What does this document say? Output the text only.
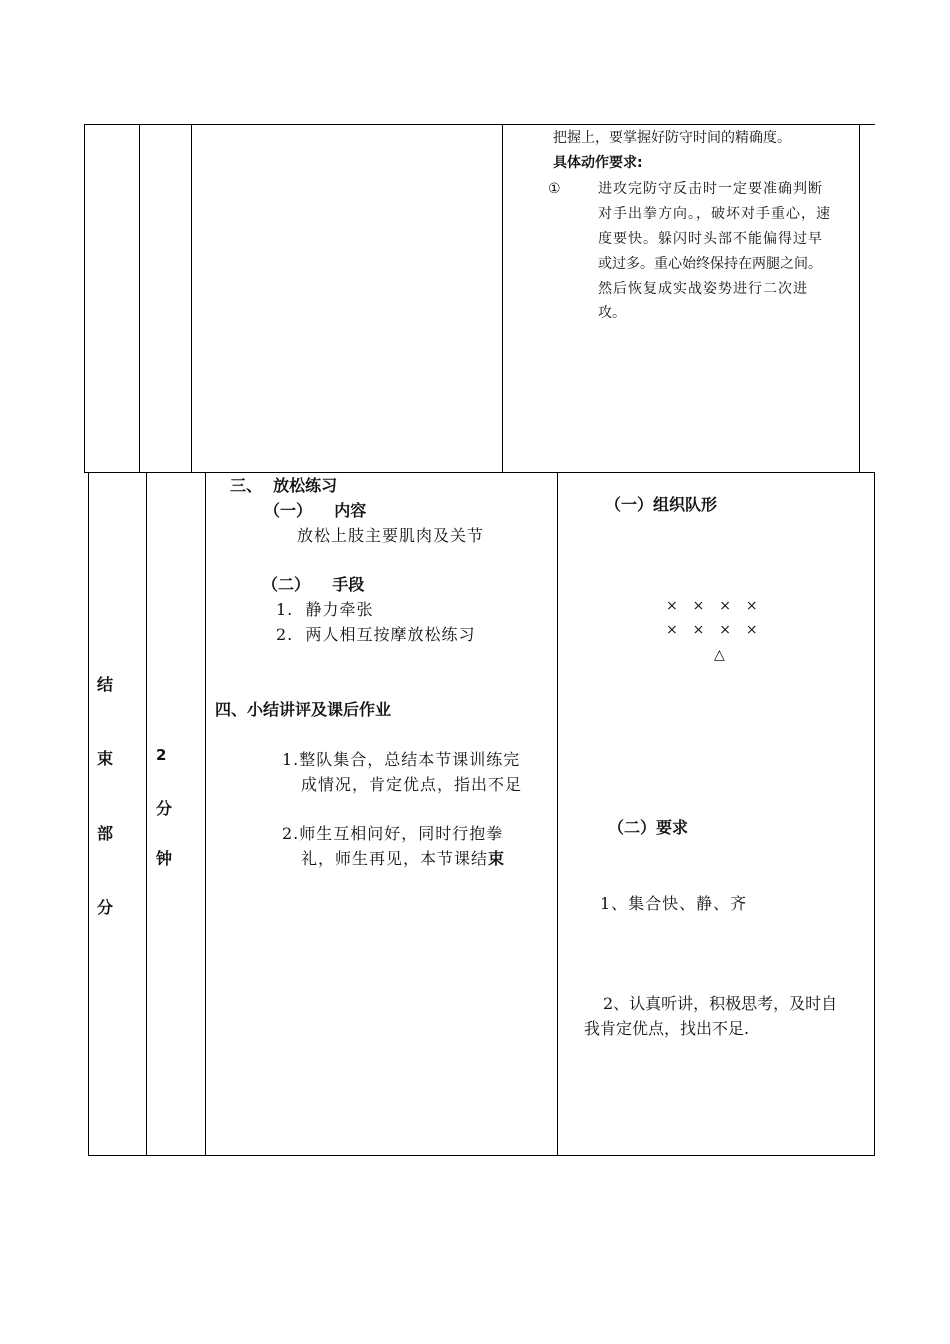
把握上，要掌握好防守时间的精确度。
具体动作要求:
①	进攻完防守反击时一定要准确判断
对手出拳方向。，破坏对手重心，速
度要快。躲闪时头部不能偏得过早
或过多。重心始终保持在两腿之间。
然后恢复成实战姿势进行二次进
攻。
结
束
部
分
2
分
钟
三、  放松练习
（一）    内容
放松上肢主要肌肉及关节
（二）    手段
1.  静力牵张
2.  两人相互按摩放松练习
四、小结讲评及课后作业
1.整队集合，总结本节课训练完
成情况，肯定优点，指出不足
2.师生互相问好，同时行抱拳
礼，师生再见，本节课结束
（一）组织队形
×  ×  ×  ×
×  ×  ×  ×
△
（二）要求
1、集合快、静、齐
2、认真听讲，积极思考，及时自
我肯定优点，找出不足.
